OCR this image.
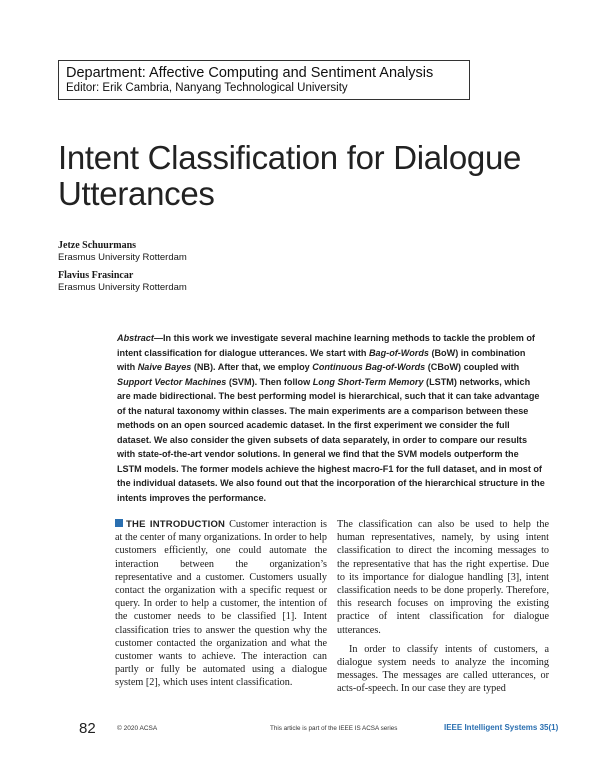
Department: Affective Computing and Sentiment Analysis
Editor: Erik Cambria, Nanyang Technological University
Intent Classification for Dialogue Utterances
Jetze Schuurmans
Erasmus University Rotterdam
Flavius Frasincar
Erasmus University Rotterdam
Abstract—In this work we investigate several machine learning methods to tackle the problem of intent classification for dialogue utterances. We start with Bag-of-Words (BoW) in combination with Naive Bayes (NB). After that, we employ Continuous Bag-of-Words (CBoW) coupled with Support Vector Machines (SVM). Then follow Long Short-Term Memory (LSTM) networks, which are made bidirectional. The best performing model is hierarchical, such that it can take advantage of the natural taxonomy within classes. The main experiments are a comparison between these methods on an open sourced academic dataset. In the first experiment we consider the full dataset. We also consider the given subsets of data separately, in order to compare our results with state-of-the-art vendor solutions. In general we find that the SVM models outperform the LSTM models. The former models achieve the highest macro-F1 for the full dataset, and in most of the individual datasets. We also found out that the incorporation of the hierarchical structure in the intents improves the performance.

THE INTRODUCTION Customer interaction is at the center of many organizations. In order to help customers efficiently, one could automate the interaction between the organization’s representative and a customer. Customers usually contact the organization with a specific request or query. In order to help a customer, the intention of the customer needs to be classified [1]. Intent classification tries to answer the question why the customer contacted the organization and what the customer wants to achieve. The interaction can partly or fully be automated using a dialogue system [2], which uses intent classification.

The classification can also be used to help the human representatives, namely, by using intent classification to direct the incoming messages to the representative that has the right expertise. Due to its importance for dialogue handling [3], intent classification needs to be done properly. Therefore, this research focuses on improving the existing practice of intent classification for dialogue utterances.

In order to classify intents of customers, a dialogue system needs to analyze the incoming messages. The messages are called utterances, or acts-of-speech. In our case they are typed

82	© 2020 ACSA	This article is part of the IEEE IS ACSA series	IEEE Intelligent Systems 35(1)
